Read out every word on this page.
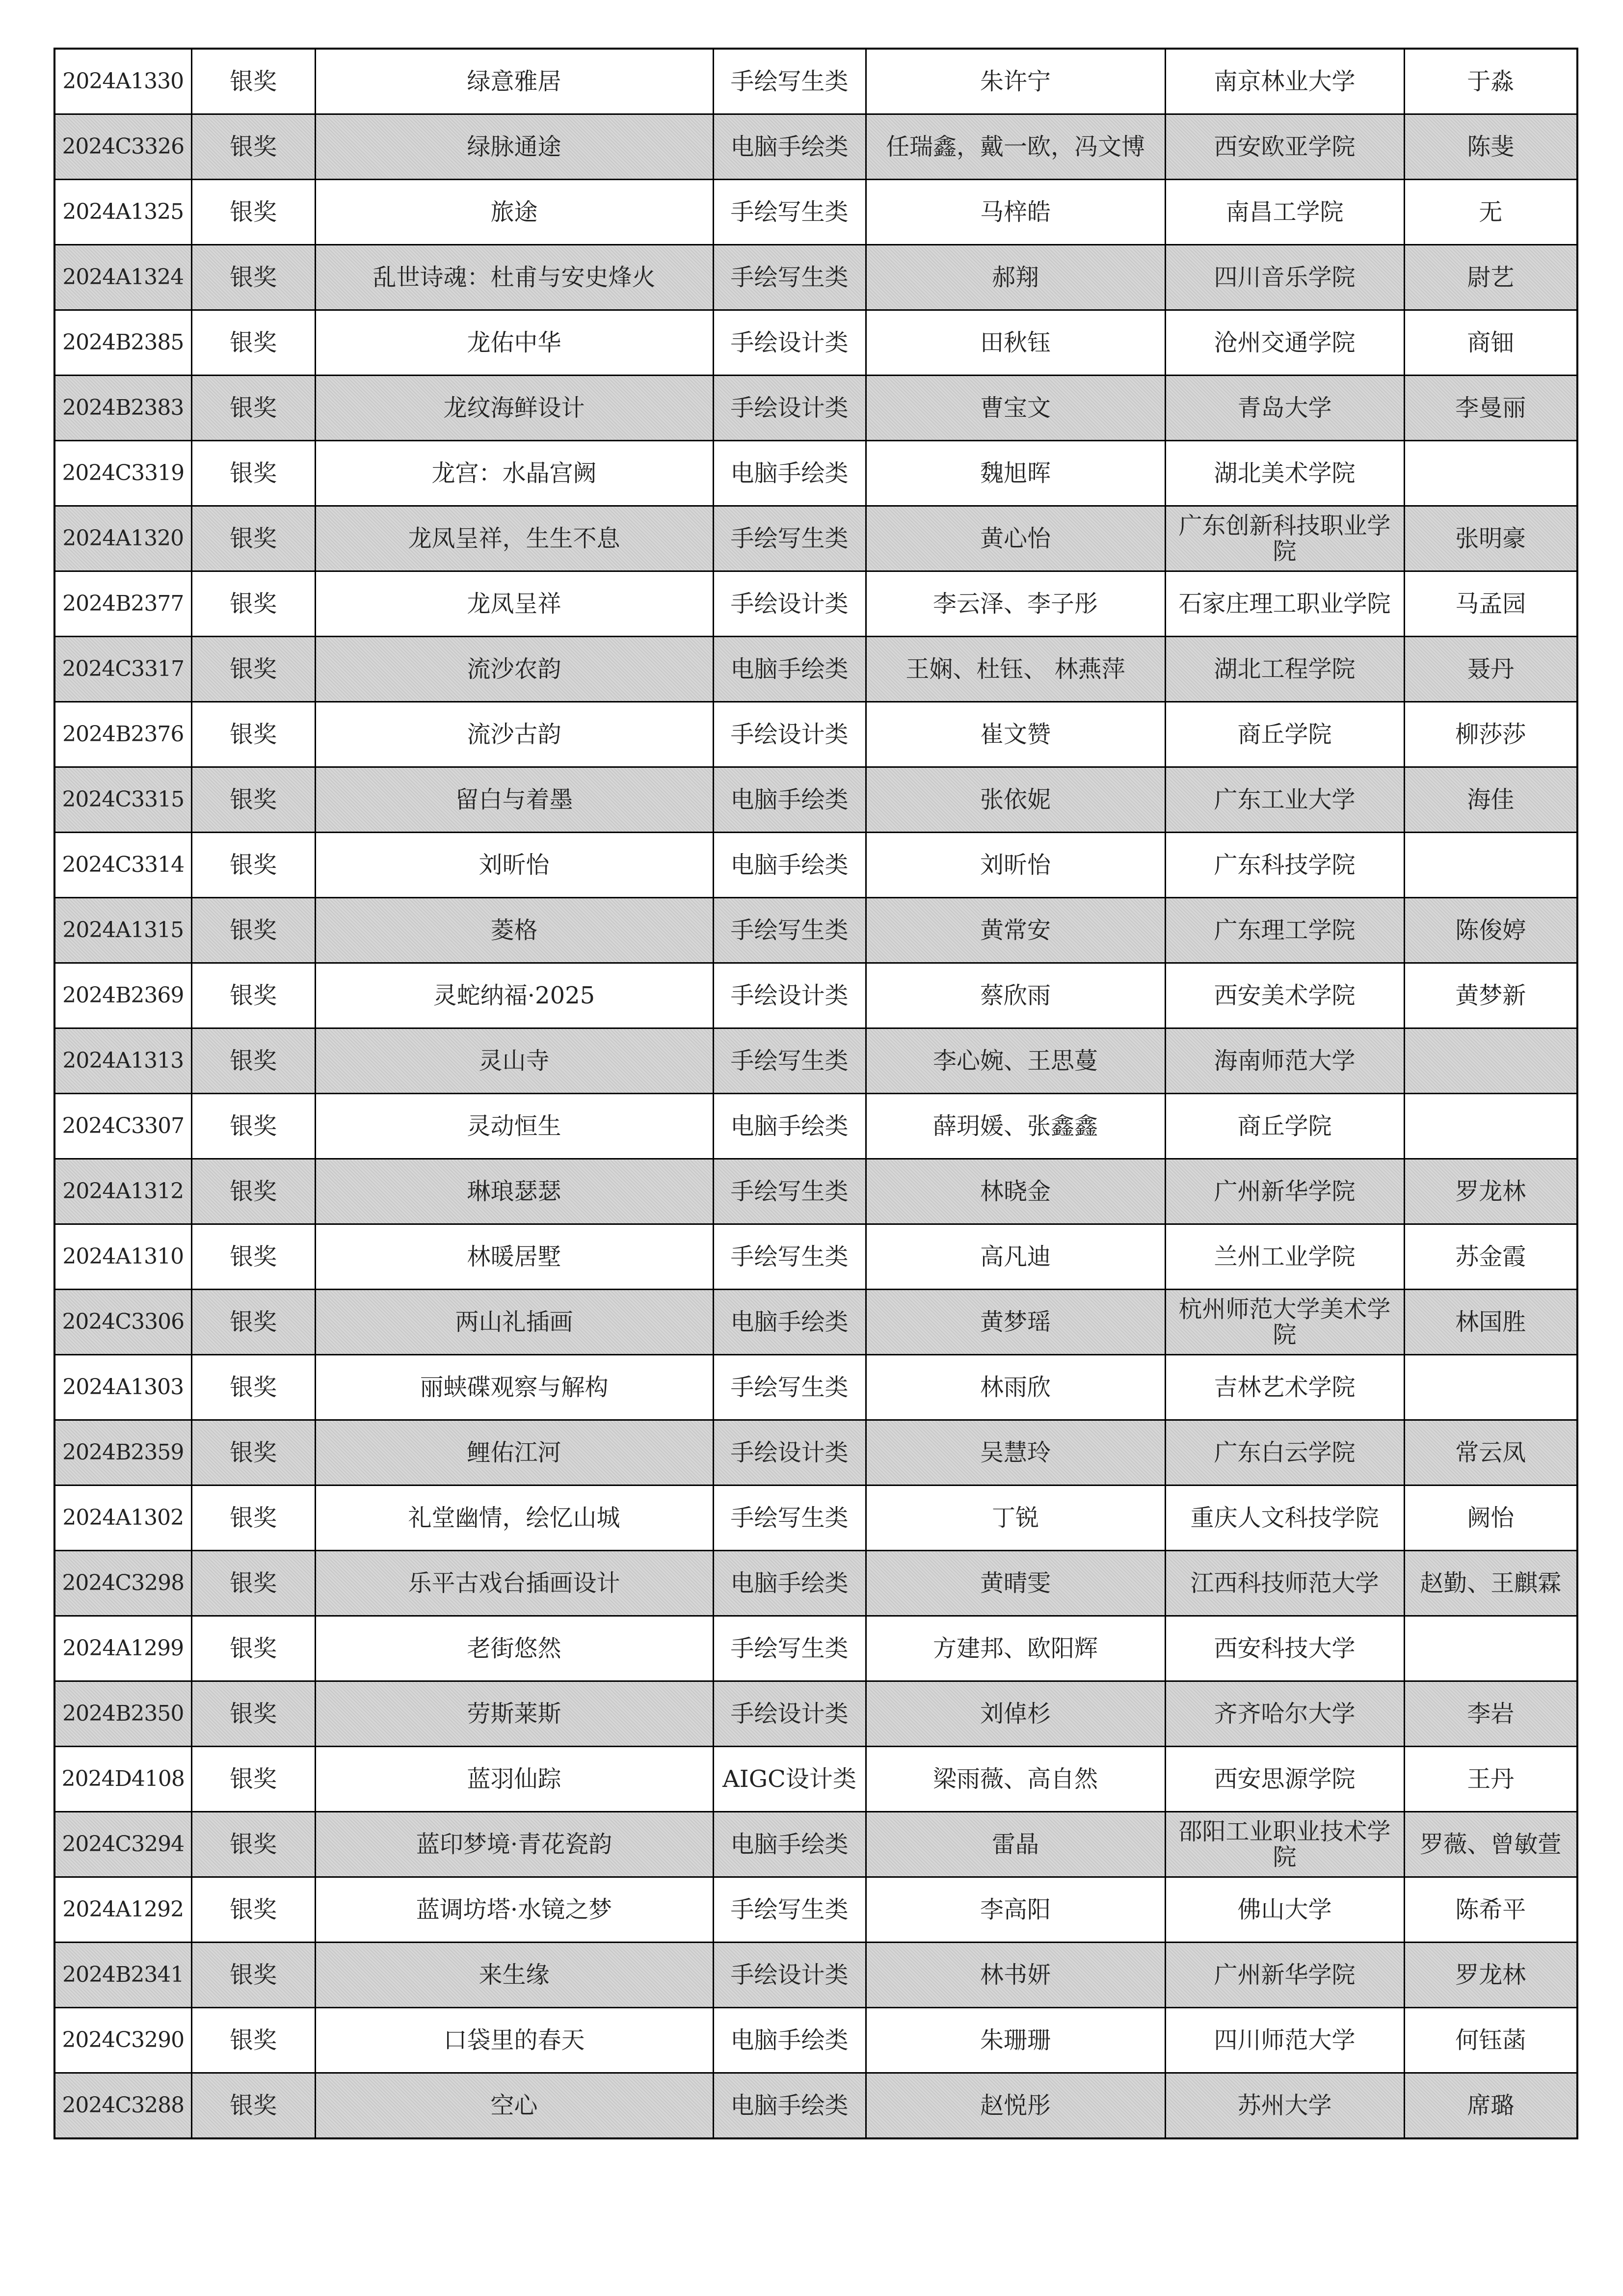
2024A1330	银奖	绿意雅居	手绘写生类	朱许宁	南京林业大学	于淼
2024C3326	银奖	绿脉通途	电脑手绘类	任瑞鑫，戴一欧，冯文博	西安欧亚学院	陈斐
2024A1325	银奖	旅途	手绘写生类	马梓皓	南昌工学院	无
2024A1324	银奖	乱世诗魂：杜甫与安史烽火	手绘写生类	郝翔	四川音乐学院	尉艺
2024B2385	银奖	龙佑中华	手绘设计类	田秋钰	沧州交通学院	商钿
2024B2383	银奖	龙纹海鲜设计	手绘设计类	曹宝文	青岛大学	李曼丽
2024C3319	银奖	龙宫：水晶宫阙	电脑手绘类	魏旭晖	湖北美术学院	
2024A1320	银奖	龙凤呈祥，生生不息	手绘写生类	黄心怡	广东创新科技职业学院	张明豪
2024B2377	银奖	龙凤呈祥	手绘设计类	李云泽、李子彤	石家庄理工职业学院	马孟园
2024C3317	银奖	流沙农韵	电脑手绘类	王娴、杜钰、 林燕萍	湖北工程学院	聂丹
2024B2376	银奖	流沙古韵	手绘设计类	崔文赞	商丘学院	柳莎莎
2024C3315	银奖	留白与着墨	电脑手绘类	张依妮	广东工业大学	海佳
2024C3314	银奖	刘昕怡	电脑手绘类	刘昕怡	广东科技学院	
2024A1315	银奖	菱格	手绘写生类	黄常安	广东理工学院	陈俊婷
2024B2369	银奖	灵蛇纳福·2025	手绘设计类	蔡欣雨	西安美术学院	黄梦新
2024A1313	银奖	灵山寺	手绘写生类	李心婉、王思蔓	海南师范大学	
2024C3307	银奖	灵动恒生	电脑手绘类	薛玥媛、张鑫鑫	商丘学院	
2024A1312	银奖	琳琅瑟瑟	手绘写生类	林晓金	广州新华学院	罗龙林
2024A1310	银奖	林暖居墅	手绘写生类	高凡迪	兰州工业学院	苏金霞
2024C3306	银奖	两山礼插画	电脑手绘类	黄梦瑶	杭州师范大学美术学院	林国胜
2024A1303	银奖	丽蛱碟观察与解构	手绘写生类	林雨欣	吉林艺术学院	
2024B2359	银奖	鲤佑江河	手绘设计类	吴慧玲	广东白云学院	常云凤
2024A1302	银奖	礼堂幽情，绘忆山城	手绘写生类	丁锐	重庆人文科技学院	阙怡
2024C3298	银奖	乐平古戏台插画设计	电脑手绘类	黄晴雯	江西科技师范大学	赵勤、王麒霖
2024A1299	银奖	老街悠然	手绘写生类	方建邦、欧阳辉	西安科技大学	
2024B2350	银奖	劳斯莱斯	手绘设计类	刘倬杉	齐齐哈尔大学	李岩
2024D4108	银奖	蓝羽仙踪	AIGC设计类	梁雨薇、高自然	西安思源学院	王丹
2024C3294	银奖	蓝印梦境·青花瓷韵	电脑手绘类	雷晶	邵阳工业职业技术学院	罗薇、曾敏萱
2024A1292	银奖	蓝调坊塔·水镜之梦	手绘写生类	李高阳	佛山大学	陈希平
2024B2341	银奖	来生缘	手绘设计类	林书妍	广州新华学院	罗龙林
2024C3290	银奖	口袋里的春天	电脑手绘类	朱珊珊	四川师范大学	何钰菡
2024C3288	银奖	空心	电脑手绘类	赵悦彤	苏州大学	席璐
